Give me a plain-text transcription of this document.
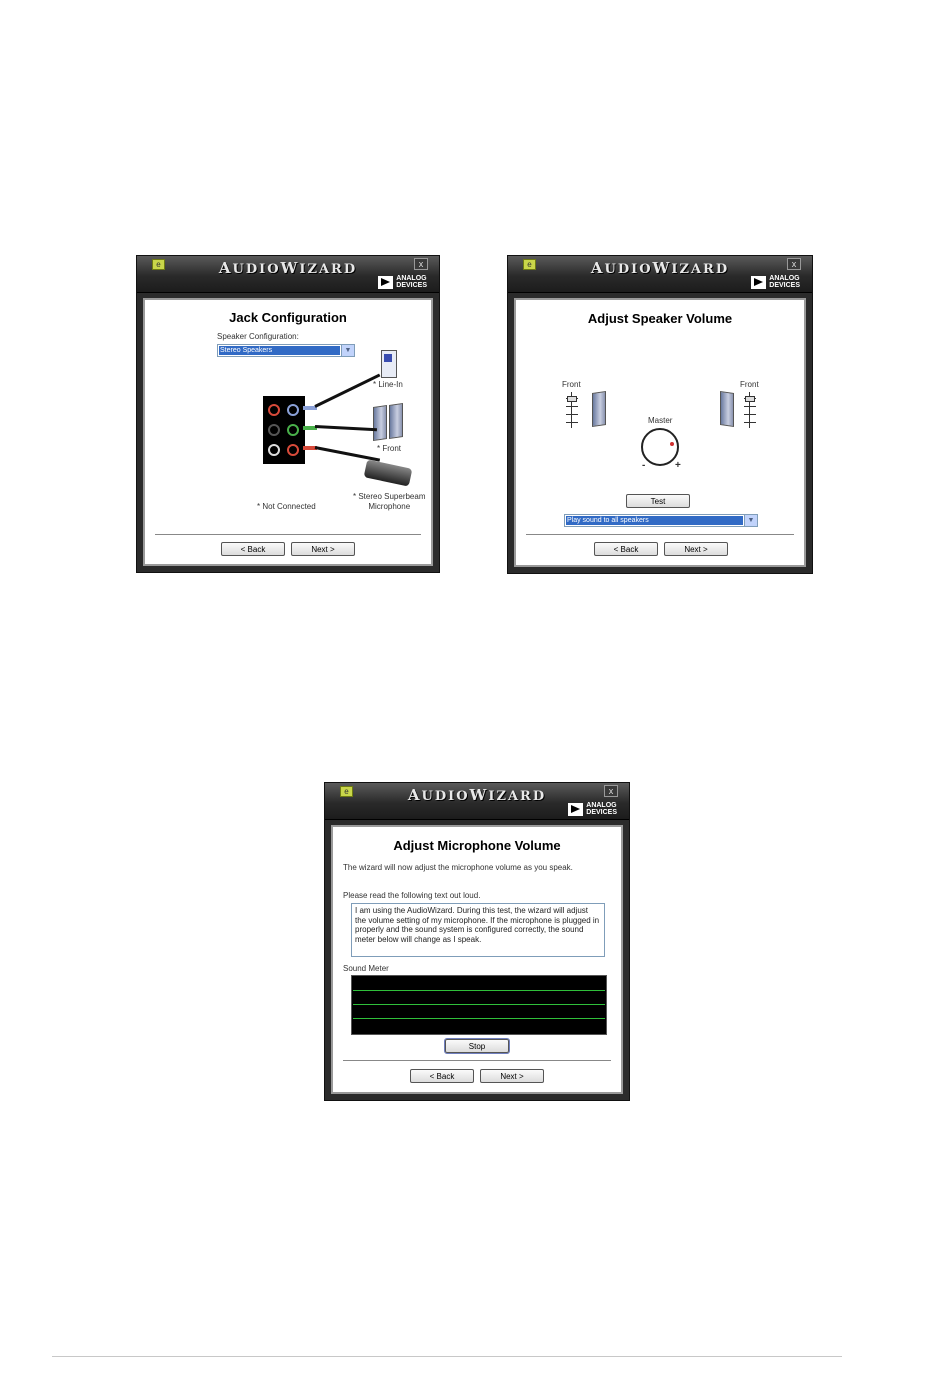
e	AUDIOWIZARD	x
ANALOG
DEVICES
Jack Configuration
Speaker Configuration:
Stereo Speakers	▼
* Line-In
* Front
* Stereo Superbeam
Microphone
* Not Connected
< Back	Next >
e	AUDIOWIZARD	x
ANALOG
DEVICES
Adjust Speaker Volume
Front	Front
Master
-	+
Test
Play sound to all speakers	▼
< Back	Next >
e	AUDIOWIZARD	x
ANALOG
DEVICES
Adjust Microphone Volume
The wizard will now adjust the microphone volume as you speak.
Please read the following text out loud.
I am using the AudioWizard. During this test, the wizard will adjust the volume setting of my microphone. If the microphone is plugged in properly and the sound system is configured correctly, the sound meter below will change as I speak.
Sound Meter
Stop
< Back	Next >
